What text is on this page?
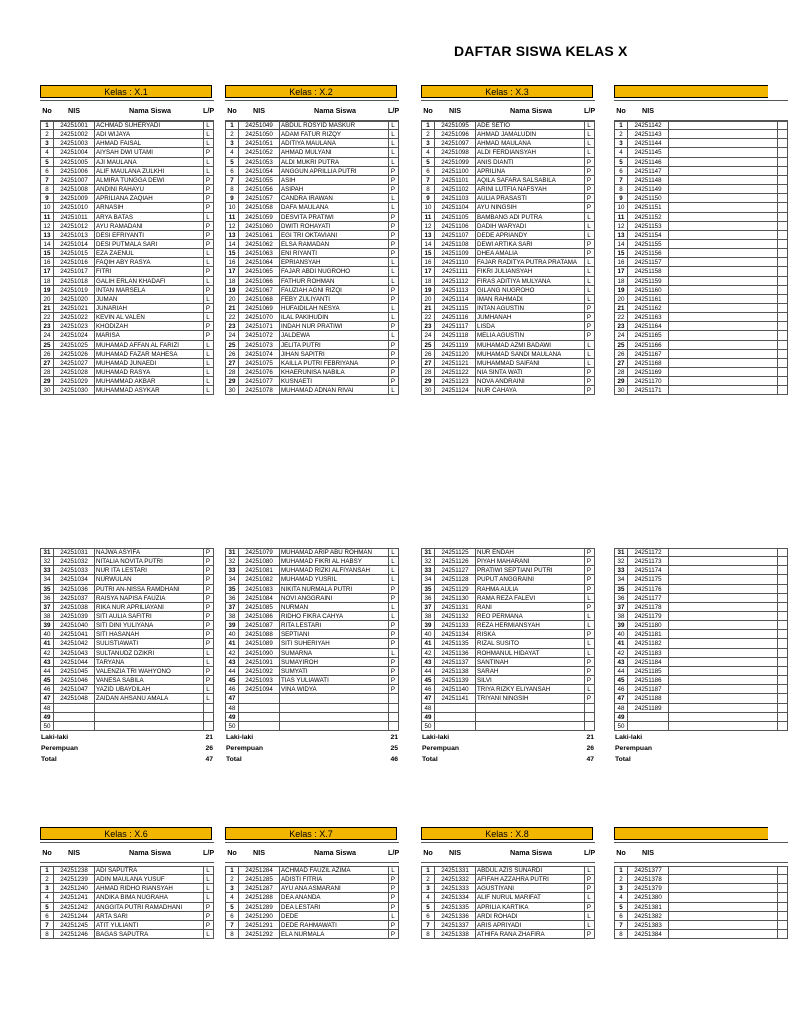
DAFTAR SISWA KELAS X
Kelas : X.1
No	NIS	Nama Siswa	L/P
1	24251001	ACHMAD SUHERYADI	L
2	24251002	ADI WIJAYA	L
3	24251003	AHMAD FAISAL	L
4	24251004	AIYSAH DWI UTAMI	P
5	24251005	AJI MAULANA	L
6	24251006	ALIF MAULANA ZULKHI	L
7	24251007	ALMIRA TUNGGA DEWI	P
8	24251008	ANDINI RAHAYU	P
9	24251009	APRILIANA ZAQIAH	P
10	24251010	ARNASIH	P
11	24251011	ARYA BATAS	L
12	24251012	AYU RAMADANI	P
13	24251013	DESI EFRIYANTI	P
14	24251014	DESI PUTMALA SARI	P
15	24251015	EZA ZAENUL	L
16	24251016	FAQIH ABY RASYA	L
17	24251017	FITRI	P
18	24251018	GALIH ERLAN KHADAFI	L
19	24251019	INTAN MARSELA	P
20	24251020	JUMAN	L
21	24251021	JUNARIAH	P
22	24251022	KEVIN AL VALEN	L
23	24251023	KHODIZAH	P
24	24251024	MARISA	P
25	24251025	MUHAMAD AFFAN AL FARIZI	L
26	24251026	MUHAMAD FAZAR MAHESA	L
27	24251027	MUHAMAD JUNAEDI	L
28	24251028	MUHAMAD RASYA	L
29	24251029	MUHAMMAD AKBAR	L
30	24251030	MUHAMMAD ASYKAR	L
31	24251031	NAJWA ASYIFA	P
32	24251032	NITALIA NOVITA PUTRI	P
33	24251033	NUR ITA LESTARI	P
34	24251034	NURWULAN	P
35	24251036	PUTRI AN-NISSA RAMDHANI	P
36	24251037	RAISYA NAPISA FAUZIA	P
37	24251038	RIKA NUR APRILIAYANI	P
38	24251039	SITI AULIA SAFITRI	P
39	24251040	SITI DINI YULIYANA	P
40	24251041	SITI HASANAH	P
41	24251042	SULISTIAWATI	P
42	24251043	SULTANUDZ DZIKRI	L
43	24251044	TARYANA	L
44	24251045	VALENZIA TRI WAHYONO	P
45	24251046	VANESA SABILA	P
46	24251047	YAZID UBAYDILAH	L
47	24251048	ZAIDAN AHSANU AMALA	L
48
49
50
Laki-laki	21
Perempuan	26
Total	47
Kelas : X.2
No	NIS	Nama Siswa	L/P
1	24251049	ABDUL ROSYID MASKUR	L
2	24251050	ADAM FATUR RIZQY	L
3	24251051	ADITIYA MAULANA	L
4	24251052	AHMAD MULYANI	L
5	24251053	ALDI MUKRI PUTRA	L
6	24251054	ANGGUN APRILLIA PUTRI	P
7	24251055	ASIH	P
8	24251056	ASIPAH	P
9	24251057	CANDRA IRAWAN	L
10	24251058	DAFA MAULANA	L
11	24251059	DESVITA PRATIWI	P
12	24251060	DWITI ROHAYATI	P
13	24251061	EGI TRI OKTAVIANI	P
14	24251062	ELSA RAMADAN	P
15	24251063	ENI RIYANTI	P
16	24251064	EPRIANSYAH	L
17	24251065	FAJAR ABDI NUGROHO	L
18	24251066	FATHUR ROHMAN	L
19	24251067	FAUZIAH AGNI RIZQI	P
20	24251068	FEBY ZULIYANTI	P
21	24251069	HUFAIDILAH NESYA	L
22	24251070	ILAL PAKIHUDIN	L
23	24251071	INDAH NUR PRATIWI	P
24	24251072	JALDEWA	L
25	24251073	JELITA PUTRI	P
26	24251074	JIHAN SAPITRI	P
27	24251075	KAILLA PUTRI FEBRIYANA	P
28	24251076	KHAERUNISA NABILA	P
29	24251077	KUSNAETI	P
30	24251078	MUHAMAD ADNAN RIVAI	L
31	24251079	MUHAMAD ARIP ABU ROHMAN	L
32	24251080	MUHAMAD FIKRI AL HABSY	L
33	24251081	MUHAMAD RIZKI ALFIYANSAH	L
34	24251082	MUHAMAD YUSRIL	L
35	24251083	NIKITA NURMALA PUTRI	P
36	24251084	NOVI ANGGRAINI	P
37	24251085	NURMAN	L
38	24251086	RIDHO FIKRA CAHYA	L
39	24251087	RITA LESTARI	P
40	24251088	SEPTIANI	P
41	24251089	SITI SUHERIYAH	P
42	24251090	SUMARNA	L
43	24251091	SUMAYIROH	P
44	24251092	SUMYATI	P
45	24251093	TIAS YULIAWATI	P
46	24251094	VINA WIDYA	P
47
48
49
50
Laki-laki	21
Perempuan	25
Total	46
Kelas : X.3
No	NIS	Nama Siswa	L/P
1	24251095	ADE SETIO	L
2	24251096	AHMAD JAMALUDIN	L
3	24251097	AHMAD MAULANA	L
4	24251098	ALDI FERDIANSYAH	L
5	24251099	ANIS DIANTI	P
6	24251100	APRILINA	P
7	24251101	AQILA SAFARA SALSABILA	P
8	24251102	ARINI LUTFIA NAFSYAH	P
9	24251103	AULIA PRASASTI	P
10	24251104	AYU NINGSIH	P
11	24251105	BAMBANG ADI PUTRA	L
12	24251106	DADIH WARYADI	L
13	24251107	DEDE APRIANDY	L
14	24251108	DEWI ARTIKA SARI	P
15	24251109	DHEA AMALIA	P
16	24251110	FAJAR RADITYA PUTRA PRATAMA	L
17	24251111	FIKRI JULIANSYAH	L
18	24251112	FIRAS ADITIYA MULYANA	L
19	24251113	GILANG NUGROHO	L
20	24251114	IMAN RAHMADI	L
21	24251115	INTAN AGUSTIN	P
22	24251116	JUMHANAH	P
23	24251117	LISDA	P
24	24251118	MELIA AGUSTIN	P
25	24251119	MUHAMAD AZMI BADAWI	L
26	24251120	MUHAMAD SANDI MAULANA	L
27	24251121	MUHAMMAD SAIFANI	L
28	24251122	NIA SINTA WATI	P
29	24251123	NOVA ANDRAINI	P
30	24251124	NUR CAHAYA	P
31	24251125	NUR ENDAH	P
32	24251126	PIYAH MAHARANI	P
33	24251127	PRATIWI SEPTIANI PUTRI	P
34	24251128	PUPUT ANGGRAINI	P
35	24251129	RAHMA AULIA	P
36	24251130	RAMA REZA FALEVI	L
37	24251131	RANI	P
38	24251132	REO PERMANA	L
39	24251133	REZA HERMIANSYAH	L
40	24251134	RISKA	P
41	24251135	RIZAL SUSITO	L
42	24251136	ROHMANUL HIDAYAT	L
43	24251137	SANTINAH	P
44	24251138	SARAH	P
45	24251139	SILVI	P
46	24251140	TRIYA RIZKY ELIYANSAH	L
47	24251141	TRIYANI NINGSIH	P
48
49
50
Laki-laki	21
Perempuan	26
Total	47
No	NIS
1	24251142
2	24251143
3	24251144
4	24251145
5	24251146
6	24251147
7	24251148
8	24251149
9	24251150
10	24251151
11	24251152
12	24251153
13	24251154
14	24251155
15	24251156
16	24251157
17	24251158
18	24251159
19	24251160
20	24251161
21	24251162
22	24251163
23	24251164
24	24251165
25	24251166
26	24251167
27	24251168
28	24251169
29	24251170
30	24251171
31	24251172
32	24251173
33	24251174
34	24251175
35	24251176
36	24251177
37	24251178
38	24251179
39	24251180
40	24251181
41	24251182
42	24251183
43	24251184
44	24251185
45	24251186
46	24251187
47	24251188
48	24251189
49
50
Laki-laki
Perempuan
Total
Kelas : X.6
No	NIS	Nama Siswa	L/P
1	24251238	ADI SAPUTRA	L
2	24251239	ADIN MAULANA YUSUF	L
3	24251240	AHMAD RIDHO RIANSYAH	L
4	24251241	ANDIKA BIMA NUGRAHA	L
5	24251242	ANGGITA PUTRI RAMADHANI	P
6	24251244	ARTA SARI	P
7	24251245	ATIT YULIANTI	P
8	24251246	BAGAS SAPUTRA	L
Kelas : X.7
No	NIS	Nama Siswa	L/P
1	24251284	ACHMAD FAUZIL AZIMA	L
2	24251285	ADISTI FITRIA	P
3	24251287	AYU ANA ASMARANI	P
4	24251288	DEA ANANDA	P
5	24251289	DEA LESTARI	P
6	24251290	DEDE	L
7	24251291	DEDE RAHMAWATI	P
8	24251292	ELA NURMALA	P
Kelas : X.8
No	NIS	Nama Siswa	L/P
1	24251331	ABDUL AZIS SUNARDI	L
2	24251332	AFIFAH AZZAHRA PUTRI	P
3	24251333	AGUSTIYANI	P
4	24251334	ALIF NURUL MARIFAT	L
5	24251335	APRILIA KARTIKA	P
6	24251336	ARDI ROHADI	L
7	24251337	ARIS APRIYADI	L
8	24251338	ATHIFA RANA ZHAFIRA	P
No	NIS
1	24251377
2	24251378
3	24251379
4	24251380
5	24251381
6	24251382
7	24251383
8	24251384
